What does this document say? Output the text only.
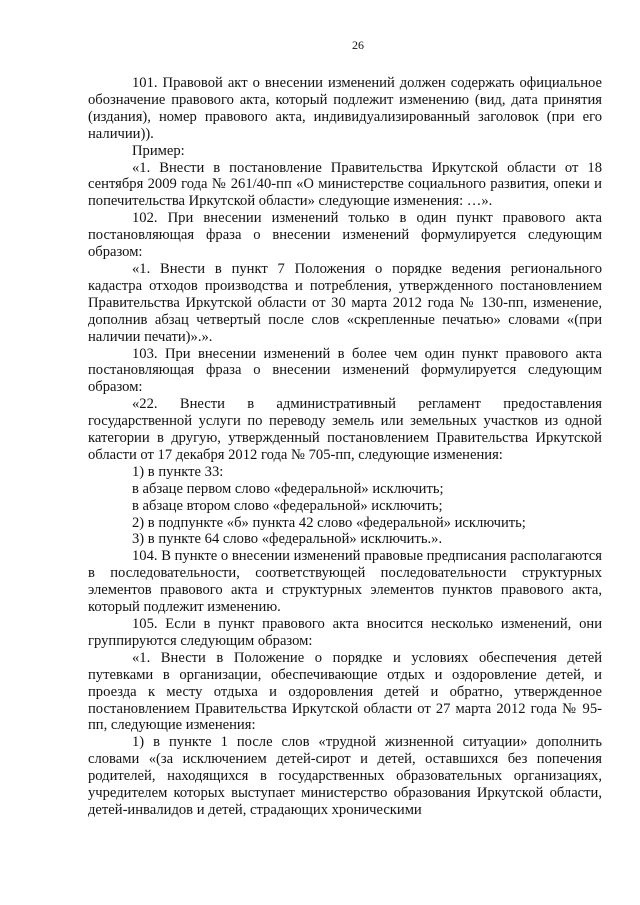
26

101. Правовой акт о внесении изменений должен содержать официальное обозначение правового акта, который подлежит изменению (вид, дата принятия (издания), номер правового акта, индивидуализированный заголовок (при его наличии)).

Пример:

«1. Внести в постановление Правительства Иркутской области от 18 сентября 2009 года № 261/40-пп «О министерстве социального развития, опеки и попечительства Иркутской области» следующие изменения: …».

102. При внесении изменений только в один пункт правового акта постановляющая фраза о внесении изменений формулируется следующим образом:

«1. Внести в пункт 7 Положения о порядке ведения регионального кадастра отходов производства и потребления, утвержденного постановлением Правительства Иркутской области от 30 марта 2012 года № 130-пп, изменение, дополнив абзац четвертый после слов «скрепленные печатью» словами «(при наличии печати)».».

103. При внесении изменений в более чем один пункт правового акта постановляющая фраза о внесении изменений формулируется следующим образом:

«22. Внести в административный регламент предоставления государственной услуги по переводу земель или земельных участков из одной категории в другую, утвержденный постановлением Правительства Иркутской области от 17 декабря 2012 года № 705-пп, следующие изменения:

1) в пункте 33:

в абзаце первом слово «федеральной» исключить;

в абзаце втором слово «федеральной» исключить;

2) в подпункте «б» пункта 42 слово «федеральной» исключить;

3) в пункте 64 слово «федеральной» исключить.».

104. В пункте о внесении изменений правовые предписания располагаются в последовательности, соответствующей последовательности структурных элементов правового акта и структурных элементов пунктов правового акта, который подлежит изменению.

105. Если в пункт правового акта вносится несколько изменений, они группируются следующим образом:

«1. Внести в Положение о порядке и условиях обеспечения детей путевками в организации, обеспечивающие отдых и оздоровление детей, и проезда к месту отдыха и оздоровления детей и обратно, утвержденное постановлением Правительства Иркутской области от 27 марта 2012 года № 95-пп, следующие изменения:

1) в пункте 1 после слов «трудной жизненной ситуации» дополнить словами «(за исключением детей-сирот и детей, оставшихся без попечения родителей, находящихся в государственных образовательных организациях, учредителем которых выступает министерство образования Иркутской области, детей-инвалидов и детей, страдающих хроническими
